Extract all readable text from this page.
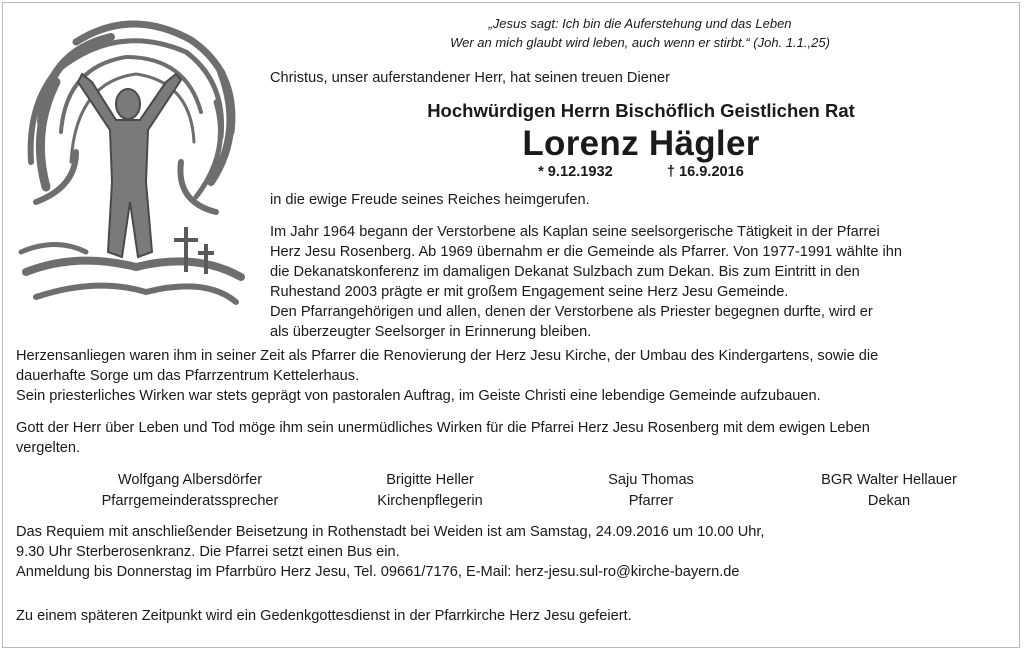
„Jesus sagt: Ich bin die Auferstehung und das Leben
Wer an mich glaubt wird leben, auch wenn er stirbt.“ (Joh. 1.1.,25)
Christus, unser auferstandener Herr, hat seinen treuen Diener
Hochwürdigen Herrn Bischöflich Geistlichen Rat
Lorenz Hägler
* 9.12.1932	† 16.9.2016
in die ewige Freude seines Reiches heimgerufen.
Im Jahr 1964 begann der Verstorbene als Kaplan seine seelsorgerische Tätigkeit in der Pfarrei
Herz Jesu Rosenberg. Ab 1969 übernahm er die Gemeinde als Pfarrer. Von 1977-1991 wählte ihn
die Dekanatskonferenz im damaligen Dekanat Sulzbach zum Dekan. Bis zum Eintritt in den
Ruhestand 2003 prägte er mit großem Engagement seine Herz Jesu Gemeinde.
Den Pfarrangehörigen und allen, denen der Verstorbene als Priester begegnen durfte, wird er
als überzeugter Seelsorger in Erinnerung bleiben.
Herzensanliegen waren ihm in seiner Zeit als Pfarrer die Renovierung der Herz Jesu Kirche, der Umbau des Kindergartens, sowie die
dauerhafte Sorge um das Pfarrzentrum Kettelerhaus.
Sein priesterliches Wirken war stets geprägt von pastoralen Auftrag, im Geiste Christi eine lebendige Gemeinde aufzubauen.
Gott der Herr über Leben und Tod möge ihm sein unermüdliches Wirken für die Pfarrei Herz Jesu Rosenberg mit dem ewigen Leben
vergelten.
Wolfgang Albersdörfer
Pfarrgemeinderatssprecher
Brigitte Heller
Kirchenpflegerin
Saju Thomas
Pfarrer
BGR Walter Hellauer
Dekan
Das Requiem mit anschließender Beisetzung in Rothenstadt bei Weiden ist am Samstag, 24.09.2016 um 10.00 Uhr,
9.30 Uhr Sterberosenkranz. Die Pfarrei setzt einen Bus ein.
Anmeldung bis Donnerstag im Pfarrbüro Herz Jesu, Tel. 09661/7176, E-Mail: herz-jesu.sul-ro@kirche-bayern.de
Zu einem späteren Zeitpunkt wird ein Gedenkgottesdienst in der Pfarrkirche Herz Jesu gefeiert.
